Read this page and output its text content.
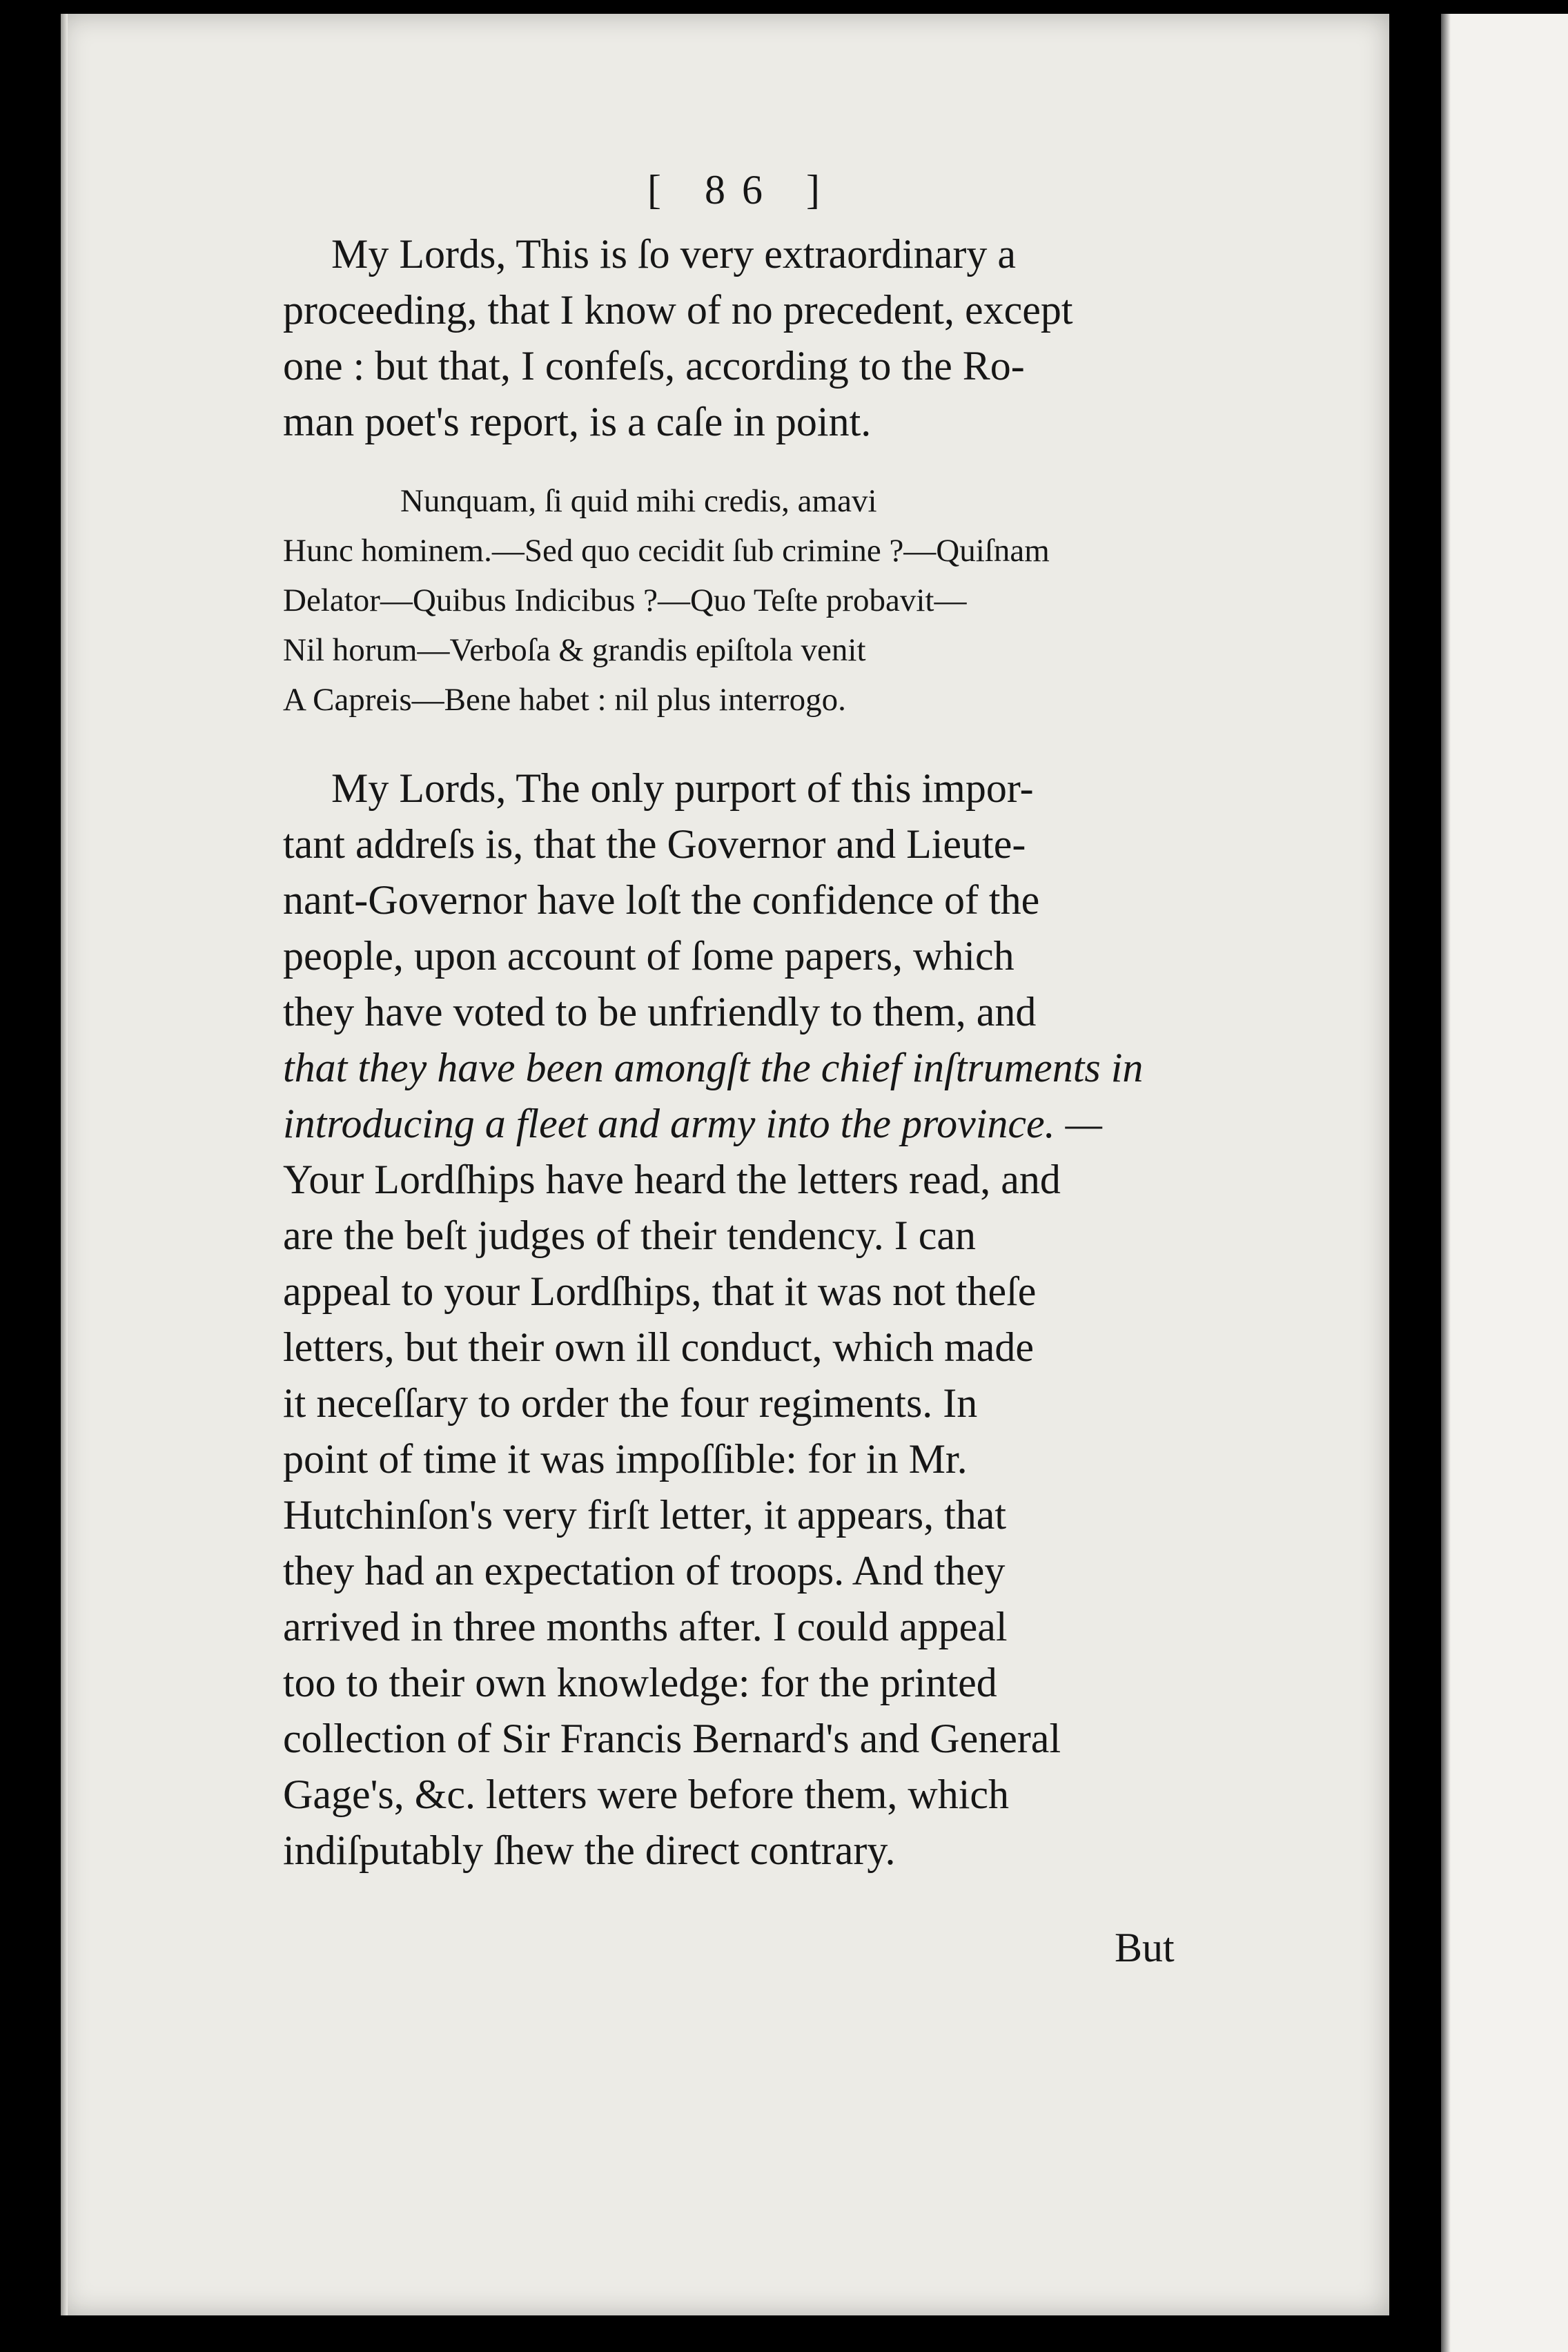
[ 86 ]

My Lords, This is ſo very extraordinary a
proceeding, that I know of no precedent, except
one : but that, I confeſs, according to the Ro-
man poet's report, is a caſe in point.

Nunquam, ſi quid mihi credis, amavi
Hunc hominem.—Sed quo cecidit ſub crimine ?—Quiſnam
Delator—Quibus Indicibus ?—Quo Teſte probavit—
Nil horum—Verboſa & grandis epiſtola venit
A Capreis—Bene habet : nil plus interrogo.

My Lords, The only purport of this impor-
tant addreſs is, that the Governor and Lieute-
nant-Governor have loſt the confidence of the
people, upon account of ſome papers, which
they have voted to be unfriendly to them, and
that they have been amongſt the chief inſtruments in
introducing a fleet and army into the province. —
Your Lordſhips have heard the letters read, and
are the beſt judges of their tendency. I can
appeal to your Lordſhips, that it was not theſe
letters, but their own ill conduct, which made
it neceſſary to order the four regiments. In
point of time it was impoſſible: for in Mr.
Hutchinſon's very firſt letter, it appears, that
they had an expectation of troops. And they
arrived in three months after. I could appeal
too to their own knowledge: for the printed
collection of Sir Francis Bernard's and General
Gage's, &c. letters were before them, which
indiſputably ſhew the direct contrary.

But
